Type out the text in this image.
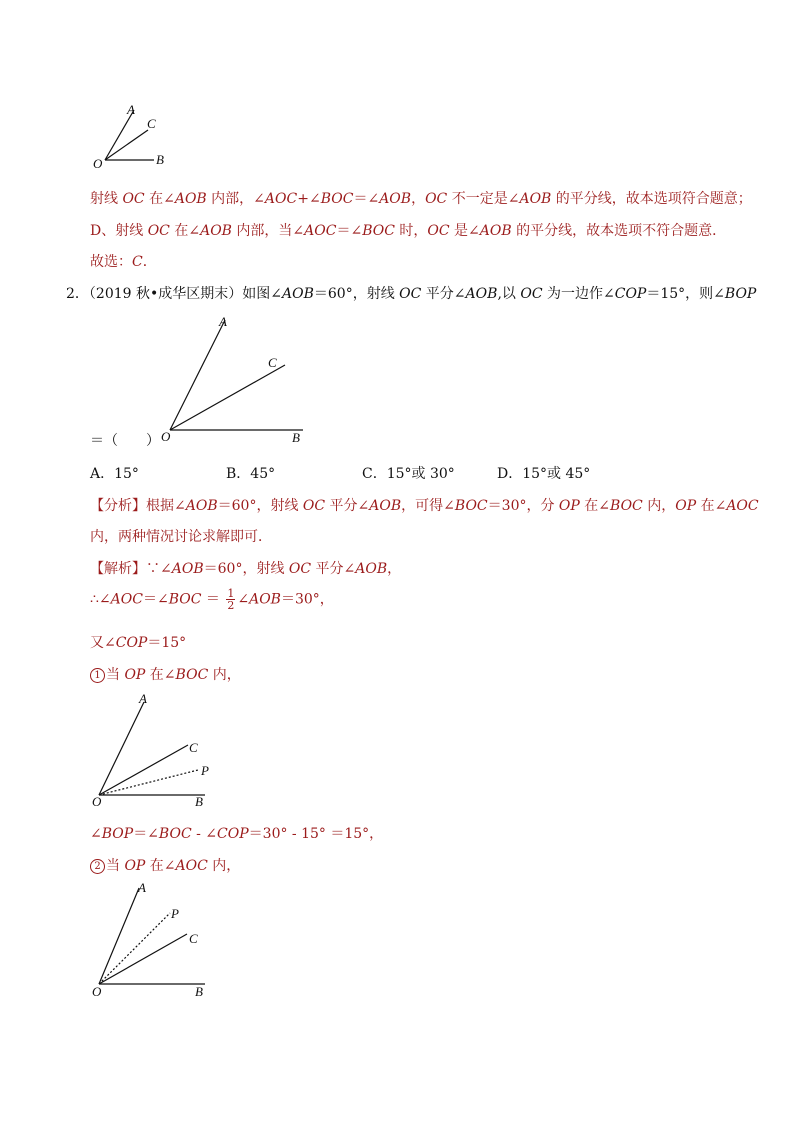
A
C
B
O
射线 OC 在∠AOB 内部，∠AOC+∠BOC＝∠AOB，OC 不一定是∠AOB 的平分线，故本选项符合题意；
D、射线 OC 在∠AOB 内部，当∠AOC＝∠BOC 时，OC 是∠AOB 的平分线，故本选项不符合题意．
故选：C．
2．（2019 秋•成华区期末）如图∠AOB＝60°，射线 OC 平分∠AOB,以 OC 为一边作∠COP＝15°，则∠BOP
A
C
B
O
＝（　　）
A．15°	B．45°	C．15°或 30°	D．15°或 45°
【分析】根据∠AOB＝60°，射线 OC 平分∠AOB，可得∠BOC＝30°，分 OP 在∠BOC 内，OP 在∠AOC
内，两种情况讨论求解即可．
【解析】∵∠AOB＝60°，射线 OC 平分∠AOB，
∴∠AOC＝∠BOC ＝ $\frac{1}{2}$ ∠AOB＝30°，
又∠COP＝15°
1 当 OP 在∠BOC 内，
A
C
P
B
O
∠BOP＝∠BOC - ∠COP＝30° - 15° ＝15°，
2 当 OP 在∠AOC 内，
A
P
C
B
O
